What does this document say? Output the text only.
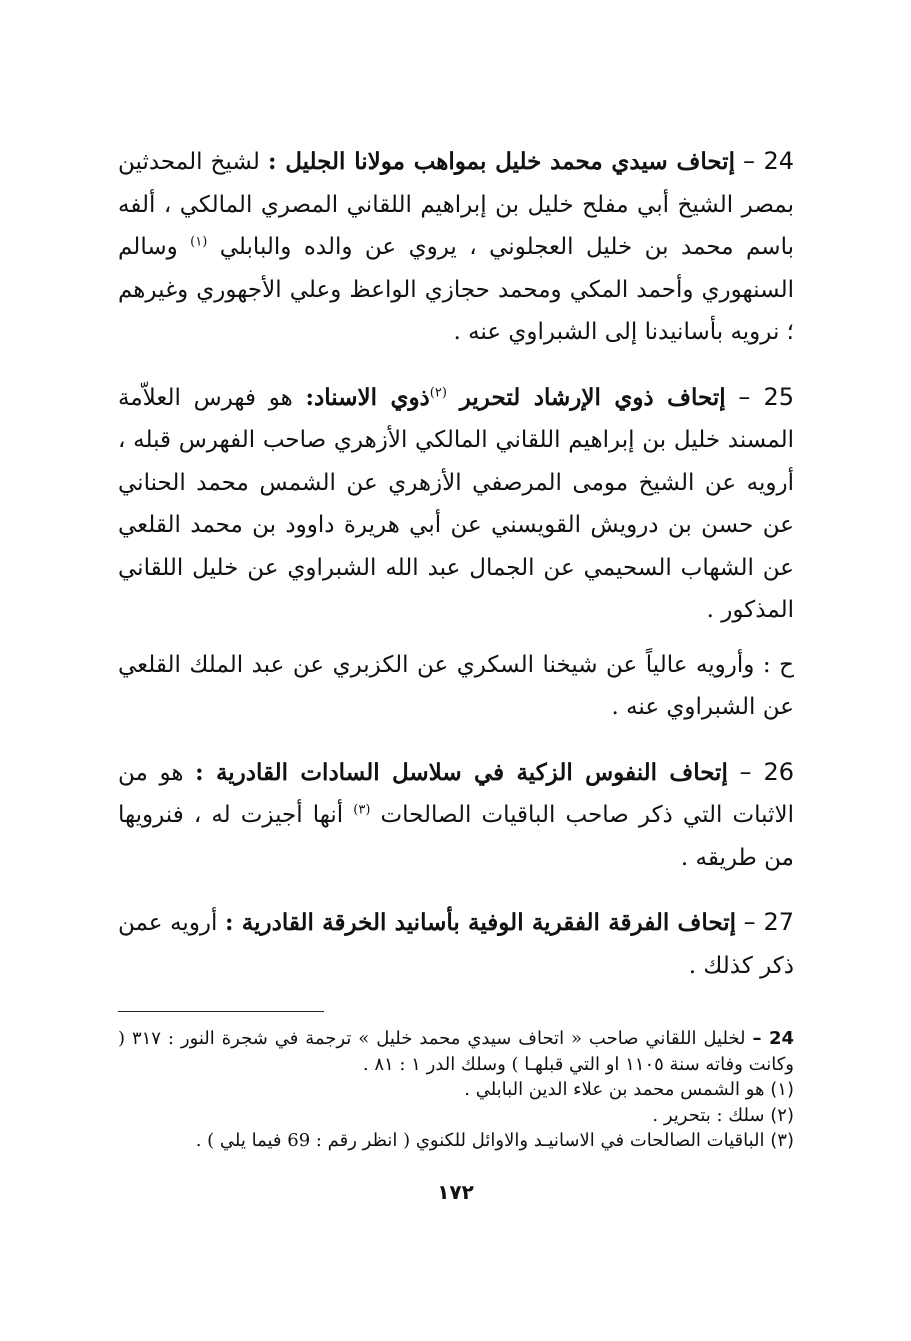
24 – إتحاف سيدي محمد خليل بمواهب مولانا الجليل : لشيخ المحدثين بمصر الشيخ أبي مفلح خليل بن إبراهيم اللقاني المصري المالكي ، ألفه باسم محمد بن خليل العجلوني ، يروي عن والده والبابلي $^{(١)}$ وسالم السنهوري وأحمد المكي ومحمد حجازي الواعظ وعلي الأجهوري وغيرهم ؛ نرويه بأسانيدنا إلى الشبراوي عنه .

25 – إتحاف ذوي الإرشاد لتحرير $^{(٢)}$ذوي الاسناد: هو فهرس العلاّمة المسند خليل بن إبراهيم اللقاني المالكي الأزهري صاحب الفهرس قبله ، أرويه عن الشيخ مومى المرصفي الأزهري عن الشمس محمد الحناني عن حسن بن درويش القويسني عن أبي هريرة داوود بن محمد القلعي عن الشهاب السحيمي عن الجمال عبد الله الشبراوي عن خليل اللقاني المذكور .

ح : وأرويه عالياً عن شيخنا السكري عن الكزبري عن عبد الملك القلعي عن الشبراوي عنه .

26 – إتحاف النفوس الزكية في سلاسل السادات القادرية : هو من الاثبات التي ذكر صاحب الباقيات الصالحات $^{(٣)}$ أنها أجيزت له ، فنرويها من طريقه .

27 – إتحاف الفرقة الفقرية الوفية بأسانيد الخرقة القادرية : أرويه عمن ذكر كذلك .

24 – لخليل اللقاني صاحب « اتحاف سيدي محمد خليل » ترجمة في شجرة النور : ٣١٧ ( وكانت وفاته سنة ١١٠٥ او التي قبلهـا ) وسلك الدر ١ : ٨١ .

(١) هو الشمس محمد بن علاء الدين البابلي .

(٢) سلك : بتحرير .

(٣) الباقيات الصالحات في الاسانيـد والاوائل للكنوي ( انظر رقم : 69 فيما يلي ) .

١٧٢
